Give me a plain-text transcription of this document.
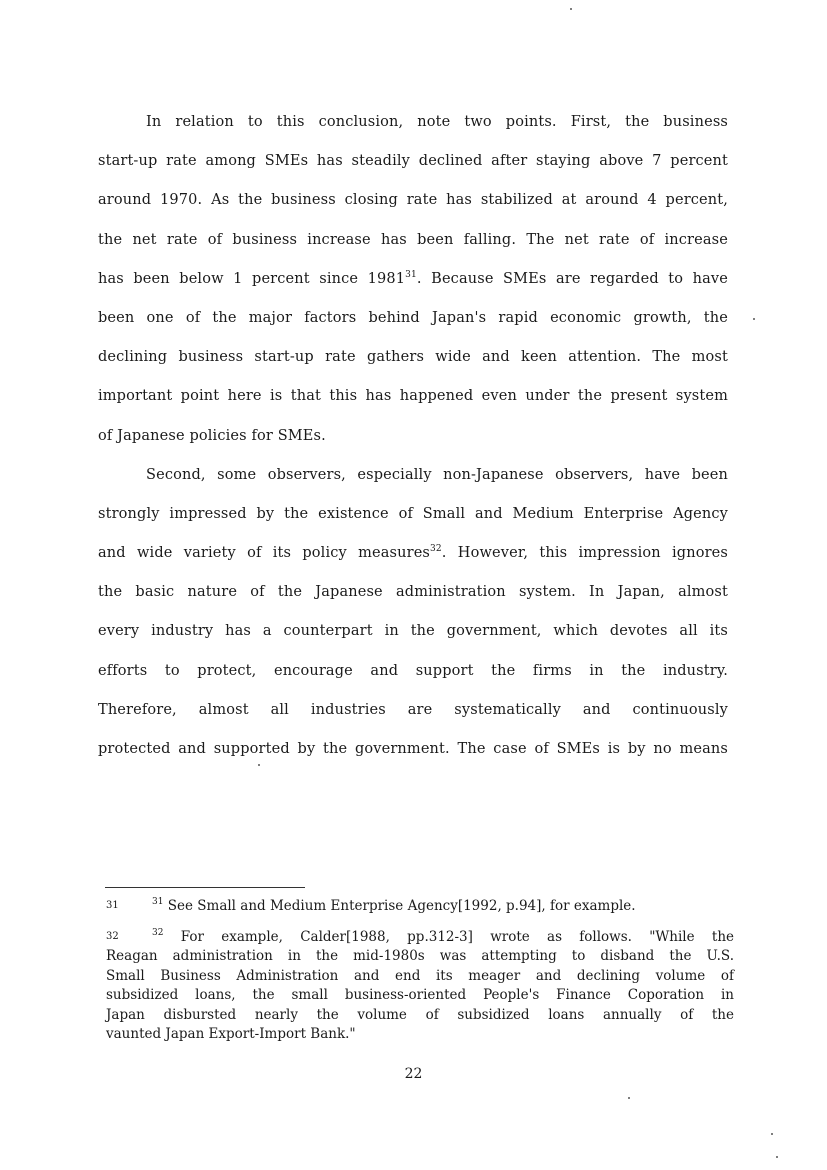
In relation to this conclusion, note two points. First, the business
start-up rate among SMEs has steadily declined after staying above 7 percent
around 1970. As the business closing rate has stabilized at around 4 percent,
the net rate of business increase has been falling. The net rate of increase
has been below 1 percent since 1981$^{31}$. Because SMEs are regarded to have
been one of the major factors behind Japan's rapid economic growth, the
declining business start-up rate gathers wide and keen attention. The most
important point here is that this has happened even under the present system
of Japanese policies for SMEs.
Second, some observers, especially non-Japanese observers, have been
strongly impressed by the existence of Small and Medium Enterprise Agency
and wide variety of its policy measures$^{32}$. However, this impression ignores
the basic nature of the Japanese administration system. In Japan, almost
every industry has a counterpart in the government, which devotes all its
efforts to protect, encourage and support the firms in the industry.
Therefore, almost all industries are systematically and continuously
protected and supported by the government. The case of SMEs is by no means
31	$^{31}$ See Small and Medium Enterprise Agency[1992, p.94], for example.
32	$^{32}$ For example, Calder[1988, pp.312-3] wrote as follows. "While the
Reagan administration in the mid-1980s was attempting to disband the U.S.
Small Business Administration and end its meager and declining volume of
subsidized loans, the small business-oriented People's Finance Coporation in
Japan disbursted nearly the volume of subsidized loans annually of the
vaunted Japan Export-Import Bank."
22
